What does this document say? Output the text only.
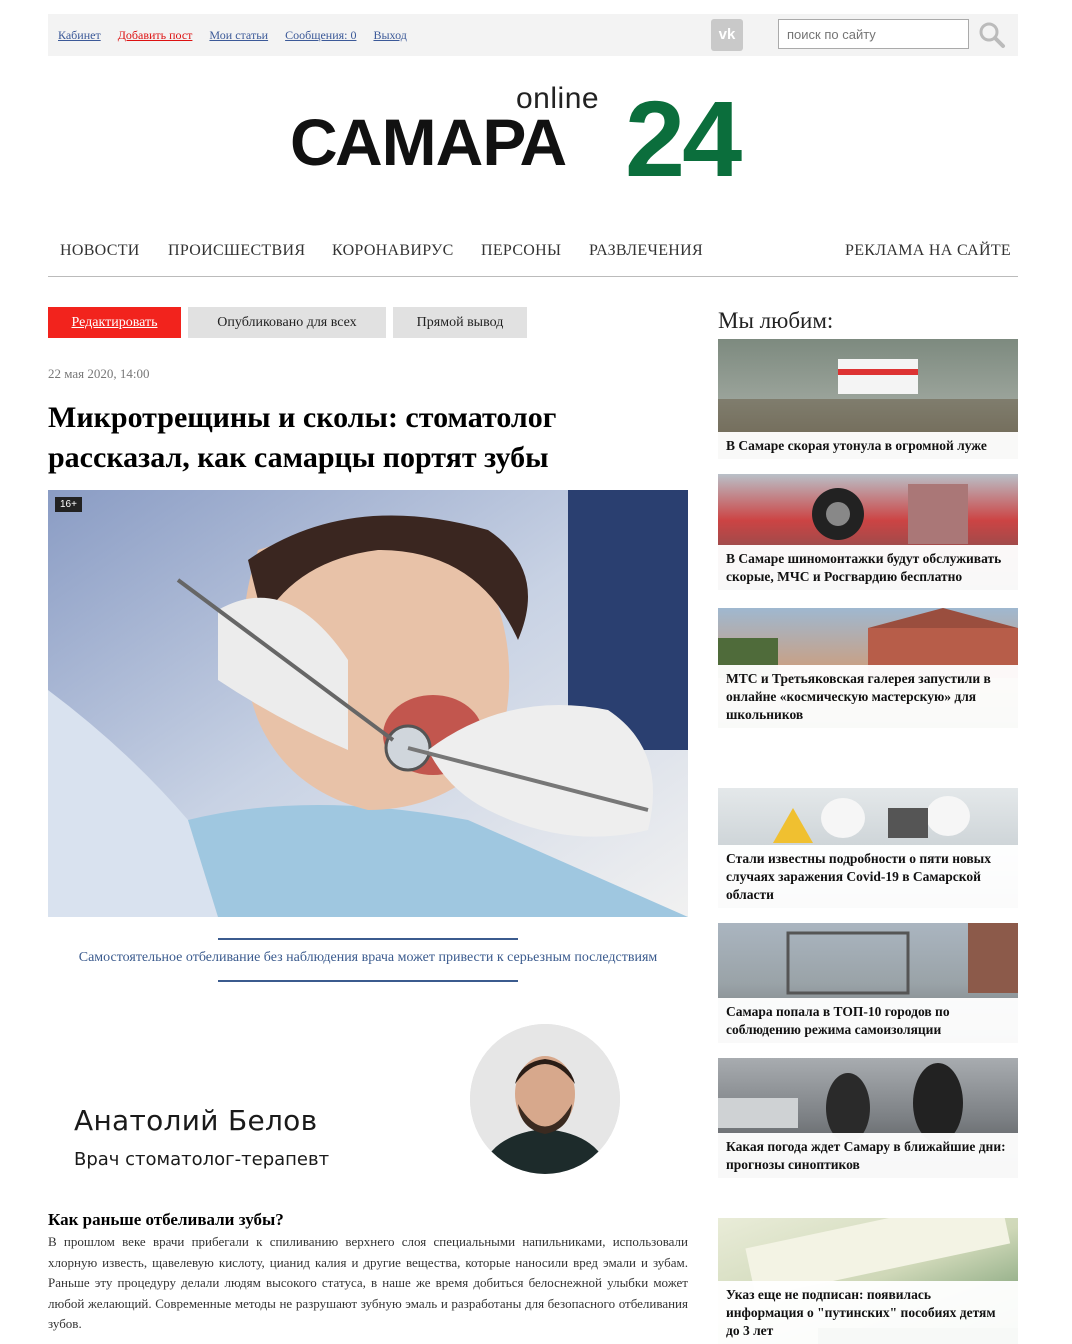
Кабинет Добавить пост Мои статьи Сообщения: 0 Выход	vk
поиск по сайту
online
САМАРА 24
НОВОСТИ ПРОИСШЕСТВИЯ КОРОНАВИРУС ПЕРСОНЫ РАЗВЛЕЧЕНИЯ	РЕКЛАМА НА САЙТЕ
Редактировать	Опубликовано для всех	Прямой вывод
22 мая 2020, 14:00
Микротрещины и сколы: стоматолог рассказал, как самарцы портят зубы
16+
Самостоятельное отбеливание без наблюдения врача может привести к серьезным последствиям
Анатолий Белов
Врач стоматолог-терапевт
Как раньше отбеливали зубы?
В прошлом веке врачи прибегали к спиливанию верхнего слоя специальными напильниками, использовали хлорную известь, щавелевую кислоту, цианид калия и другие вещества, которые наносили вред эмали и зубам. Раньше эту процедуру делали людям высокого статуса, в наше же время добиться белоснежной улыбки может любой желающий. Современные методы не разрушают зубную эмаль и разработаны для безопасного отбеливания зубов.
Мы любим:
В Самаре скорая утонула в огромной луже
В Самаре шиномонтажки будут обслуживать скорые, МЧС и Росгвардию бесплатно
МТС и Третьяковская галерея запустили в онлайне «космическую мастерскую» для школьников
Стали известны подробности о пяти новых случаях заражения Covid-19 в Самарской области
Самара попала в ТОП-10 городов по соблюдению режима самоизоляции
Какая погода ждет Самару в ближайшие дни: прогнозы синоптиков
Указ еще не подписан: появилась информация о "путинских" пособиях детям до 3 лет
